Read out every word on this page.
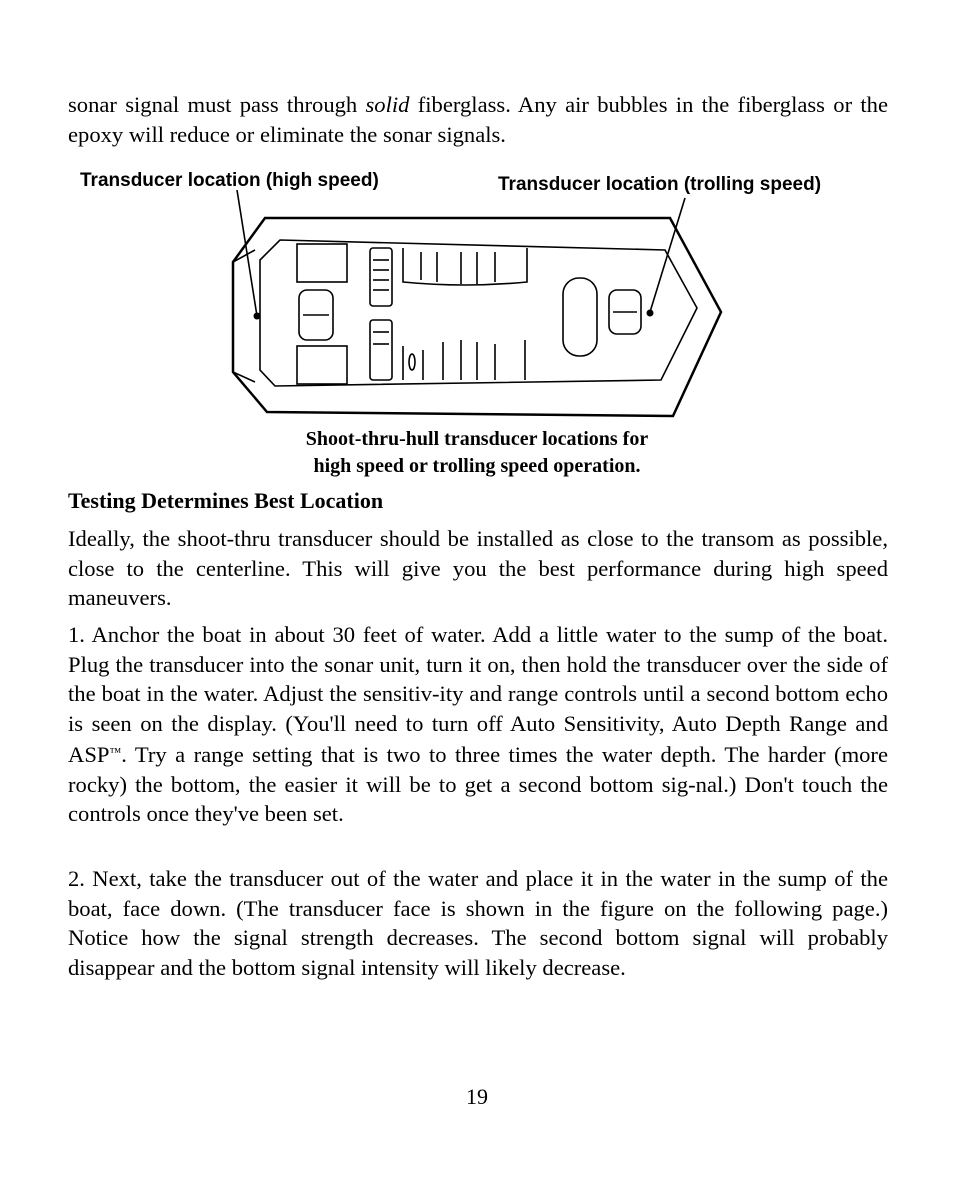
sonar signal must pass through solid fiberglass. Any air bubbles in the fiberglass or the epoxy will reduce or eliminate the sonar signals.

Transducer location (high speed)	Transducer location (trolling speed)

Shoot-thru-hull transducer locations for

high speed or trolling speed operation.

Testing Determines Best Location

Ideally, the shoot-thru transducer should be installed as close to the transom as possible, close to the centerline. This will give you the best performance during high speed maneuvers.

1. Anchor the boat in about 30 feet of water. Add a little water to the sump of the boat. Plug the transducer into the sonar unit, turn it on, then hold the transducer over the side of the boat in the water. Adjust the sensitiv-ity and range controls until a second bottom echo is seen on the display. (You'll need to turn off Auto Sensitivity, Auto Depth Range and ASP™. Try a range setting that is two to three times the water depth. The harder (more rocky) the bottom, the easier it will be to get a second bottom sig-nal.) Don't touch the controls once they've been set.

2. Next, take the transducer out of the water and place it in the water in the sump of the boat, face down. (The transducer face is shown in the figure on the following page.) Notice how the signal strength decreases. The second bottom signal will probably disappear and the bottom signal intensity will likely decrease.

19
